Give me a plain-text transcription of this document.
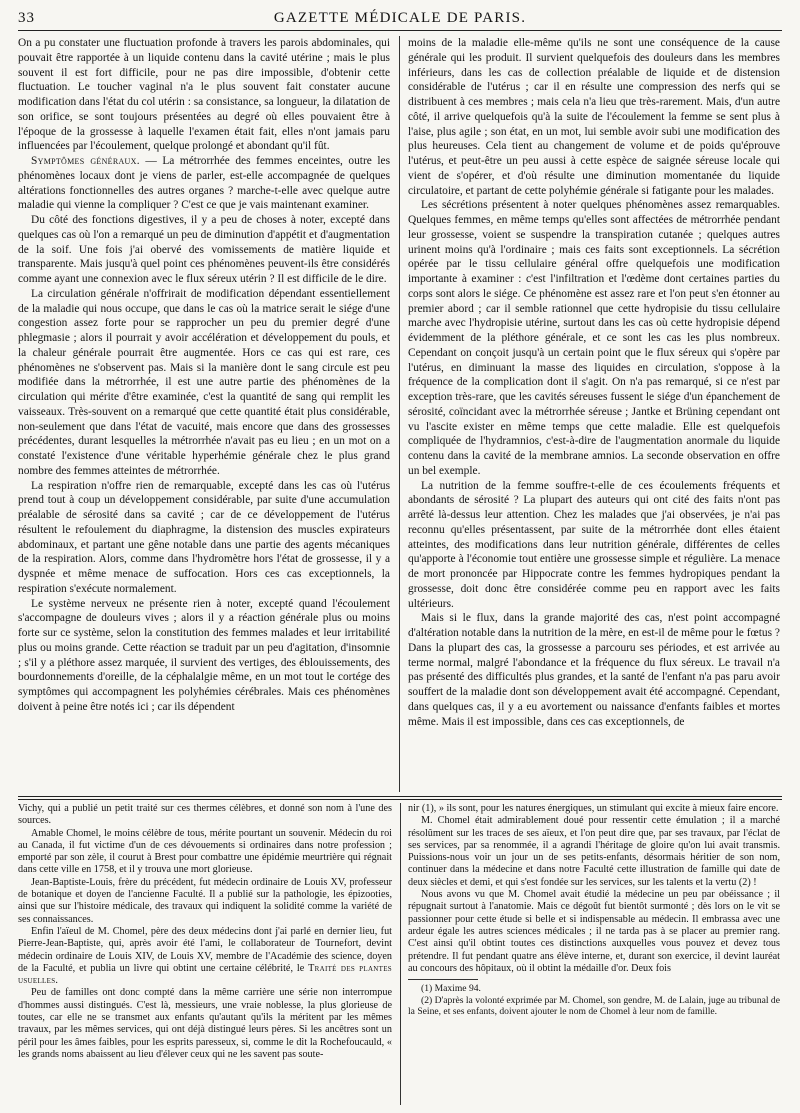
33	GAZETTE MÉDICALE DE PARIS.

On a pu constater une fluctuation profonde à travers les parois abdominales, qui pouvait être rapportée à un liquide contenu dans la cavité utérine ; mais le plus souvent il est fort difficile, pour ne pas dire impossible, d'obtenir cette fluctuation. Le toucher vaginal n'a le plus souvent fait constater aucune modification dans l'état du col utérin : sa consistance, sa longueur, la dilatation de son orifice, se sont toujours présentées au degré où elles pouvaient être à l'époque de la grossesse à laquelle l'examen était fait, elles n'ont jamais paru influencées par l'écoulement, quelque prolongé et abondant qu'il fût.

Symptômes généraux. — La métrorrhée des femmes enceintes, outre les phénomènes locaux dont je viens de parler, est-elle accompagnée de quelques altérations fonctionnelles des autres organes ? marche-t-elle avec quelque autre maladie qui vienne la compliquer ? C'est ce que je vais maintenant examiner.

Du côté des fonctions digestives, il y a peu de choses à noter, excepté dans quelques cas où l'on a remarqué un peu de diminution d'appétit et d'augmentation de la soif. Une fois j'ai obervé des vomissements de matière liquide et transparente. Mais jusqu'à quel point ces phénomènes peuvent-ils être considérés comme ayant une connexion avec le flux séreux utérin ? Il est difficile de le dire.

La circulation générale n'offrirait de modification dépendant essentiellement de la maladie qui nous occupe, que dans le cas où la matrice serait le siége d'une congestion assez forte pour se rapprocher un peu du premier degré d'une phlegmasie ; alors il pourrait y avoir accélération et développement du pouls, et la chaleur générale pourrait être augmentée. Hors ce cas qui est rare, ces phénomènes ne s'observent pas. Mais si la manière dont le sang circule est peu modifiée dans la métrorrhée, il est une autre partie des phénomènes de la circulation qui mérite d'être examinée, c'est la quantité de sang qui remplit les vaisseaux. Très-souvent on a remarqué que cette quantité était plus considérable, non-seulement que dans l'état de vacuité, mais encore que dans des grossesses précédentes, durant lesquelles la métrorrhée n'avait pas eu lieu ; en un mot on a constaté l'existence d'une véritable hyperhémie générale chez le plus grand nombre des femmes atteintes de métrorrhée.

La respiration n'offre rien de remarquable, excepté dans les cas où l'utérus prend tout à coup un développement considérable, par suite d'une accumulation préalable de sérosité dans sa cavité ; car de ce développement de l'utérus résultent le refoulement du diaphragme, la distension des muscles expirateurs abdominaux, et partant une gêne notable dans une partie des agents mécaniques de la respiration. Alors, comme dans l'hydromètre hors l'état de grossesse, il y a dyspnée et même menace de suffocation. Hors ces cas exceptionnels, la respiration s'exécute normalement.

Le système nerveux ne présente rien à noter, excepté quand l'écoulement s'accompagne de douleurs vives ; alors il y a réaction générale plus ou moins forte sur ce système, selon la constitution des femmes malades et leur irritabilité plus ou moins grande. Cette réaction se traduit par un peu d'agitation, d'insomnie ; s'il y a pléthore assez marquée, il survient des vertiges, des éblouissements, des bourdonnements d'oreille, de la céphalalgie même, en un mot tout le cortége des symptômes qui accompagnent les polyhémies cérébrales. Mais ces phénomènes doivent à peine être notés ici ; car ils dépendent

moins de la maladie elle-même qu'ils ne sont une conséquence de la cause générale qui les produit. Il survient quelquefois des douleurs dans les membres inférieurs, dans les cas de collection préalable de liquide et de distension considérable de l'utérus ; car il en résulte une compression des nerfs qui se distribuent à ces membres ; mais cela n'a lieu que très-rarement. Mais, d'un autre côté, il arrive quelquefois qu'à la suite de l'écoulement la femme se sent plus à l'aise, plus agile ; son état, en un mot, lui semble avoir subi une modification des plus heureuses. Cela tient au changement de volume et de poids qu'éprouve l'utérus, et peut-être un peu aussi à cette espèce de saignée séreuse locale qui vient de s'opérer, et d'où résulte une diminution momentanée du liquide circulatoire, et partant de cette polyhémie générale si fatigante pour les malades.

Les sécrétions présentent à noter quelques phénomènes assez remarquables. Quelques femmes, en même temps qu'elles sont affectées de métrorrhée pendant leur grossesse, voient se suspendre la transpiration cutanée ; quelques autres urinent moins qu'à l'ordinaire ; mais ces faits sont exceptionnels. La sécrétion opérée par le tissu cellulaire général offre quelquefois une modification importante à examiner : c'est l'infiltration et l'œdème dont certaines parties du corps sont alors le siége. Ce phénomène est assez rare et l'on peut s'en étonner au premier abord ; car il semble rationnel que cette hydropisie du tissu cellulaire marche avec l'hydropisie utérine, surtout dans les cas où cette hydropisie dépend évidemment de la pléthore générale, et ce sont les cas les plus nombreux. Cependant on conçoit jusqu'à un certain point que le flux séreux qui s'opère par l'utérus, en diminuant la masse des liquides en circulation, s'oppose à la fréquence de la complication dont il s'agit. On n'a pas remarqué, si ce n'est par exception très-rare, que les cavités séreuses fussent le siége d'un épanchement de sérosité, coïncidant avec la métrorrhée séreuse ; Jantke et Brüning cependant ont vu l'ascite exister en même temps que cette maladie. Elle est quelquefois compliquée de l'hydramnios, c'est-à-dire de l'augmentation anormale du liquide contenu dans la cavité de la membrane amnios. La seconde observation en offre un bel exemple.

La nutrition de la femme souffre-t-elle de ces écoulements fréquents et abondants de sérosité ? La plupart des auteurs qui ont cité des faits n'ont pas arrêté là-dessus leur attention. Chez les malades que j'ai observées, je n'ai pas reconnu qu'elles présentassent, par suite de la métrorrhée dont elles étaient atteintes, des modifications dans leur nutrition générale, différentes de celles qu'apporte à l'économie tout entière une grossesse simple et régulière. La menace de mort prononcée par Hippocrate contre les femmes hydropiques pendant la grossesse, doit donc être considérée comme peu en rapport avec les faits ultérieurs.

Mais si le flux, dans la grande majorité des cas, n'est point accompagné d'altération notable dans la nutrition de la mère, en est-il de même pour le fœtus ? Dans la plupart des cas, la grossesse a parcouru ses périodes, et est arrivée au terme normal, malgré l'abondance et la fréquence du flux séreux. Le travail n'a pas présenté des difficultés plus grandes, et la santé de l'enfant n'a pas paru avoir souffert de la maladie dont son développement avait été accompagné. Cependant, dans quelques cas, il y a eu avortement ou naissance d'enfants faibles et mortes même. Mais il est impossible, dans ces cas exceptionnels, de

Vichy, qui a publié un petit traité sur ces thermes célèbres, et donné son nom à l'une des sources.

Amable Chomel, le moins célèbre de tous, mérite pourtant un souvenir. Médecin du roi au Canada, il fut victime d'un de ces dévouements si ordinaires dans notre profession ; emporté par son zèle, il courut à Brest pour combattre une épidémie meurtrière qui régnait dans cette ville en 1758, et il y trouva une mort glorieuse.

Jean-Baptiste-Louis, frère du précédent, fut médecin ordinaire de Louis XV, professeur de botanique et doyen de l'ancienne Faculté. Il a publié sur la pathologie, les épizooties, ainsi que sur l'histoire médicale, des travaux qui indiquent la solidité comme la variété de ses connaissances.

Enfin l'aïeul de M. Chomel, père des deux médecins dont j'ai parlé en dernier lieu, fut Pierre-Jean-Baptiste, qui, après avoir été l'ami, le collaborateur de Tournefort, devint médecin ordinaire de Louis XIV, de Louis XV, membre de l'Académie des science, doyen de la Faculté, et publia un livre qui obtint une certaine célébrité, le Traité des plantes usuelles.

Peu de familles ont donc compté dans la même carrière une série non interrompue d'hommes aussi distingués. C'est là, messieurs, une vraie noblesse, la plus glorieuse de toutes, car elle ne se transmet aux enfants qu'autant qu'ils la méritent par les mêmes travaux, par les mêmes services, qui ont déjà distingué leurs pères. Si les ancêtres sont un péril pour les âmes faibles, pour les esprits paresseux, si, comme le dit la Rochefoucauld, « les grands noms abaissent au lieu d'élever ceux qui ne les savent pas soute-

nir (1), » ils sont, pour les natures énergiques, un stimulant qui excite à mieux faire encore.

M. Chomel était admirablement doué pour ressentir cette émulation ; il a marché résolûment sur les traces de ses aïeux, et l'on peut dire que, par ses travaux, par l'éclat de ses services, par sa renommée, il a agrandi l'héritage de gloire qu'on lui avait transmis. Puissions-nous voir un jour un de ses petits-enfants, désormais héritier de son nom, continuer dans la médecine et dans notre Faculté cette illustration de famille qui date de deux siècles et demi, et qui s'est fondée sur les services, sur les talents et la vertu (2) !

Nous avons vu que M. Chomel avait étudié la médecine un peu par obéissance ; il répugnait surtout à l'anatomie. Mais ce dégoût fut bientôt surmonté ; dès lors on le vit se passionner pour cette étude si belle et si indispensable au médecin. Il embrassa avec une ardeur égale les autres sciences médicales ; il ne tarda pas à se placer au premier rang. C'est ainsi qu'il obtint toutes ces distinctions auxquelles vous pouvez et devez tous prétendre. Il fut pendant quatre ans élève interne, et, durant son exercice, il devint lauréat au concours des hôpitaux, où il obtint la médaille d'or. Deux fois

(1) Maxime 94.

(2) D'après la volonté exprimée par M. Chomel, son gendre, M. de Lalain, juge au tribunal de la Seine, et ses enfants, doivent ajouter le nom de Chomel à leur nom de famille.
